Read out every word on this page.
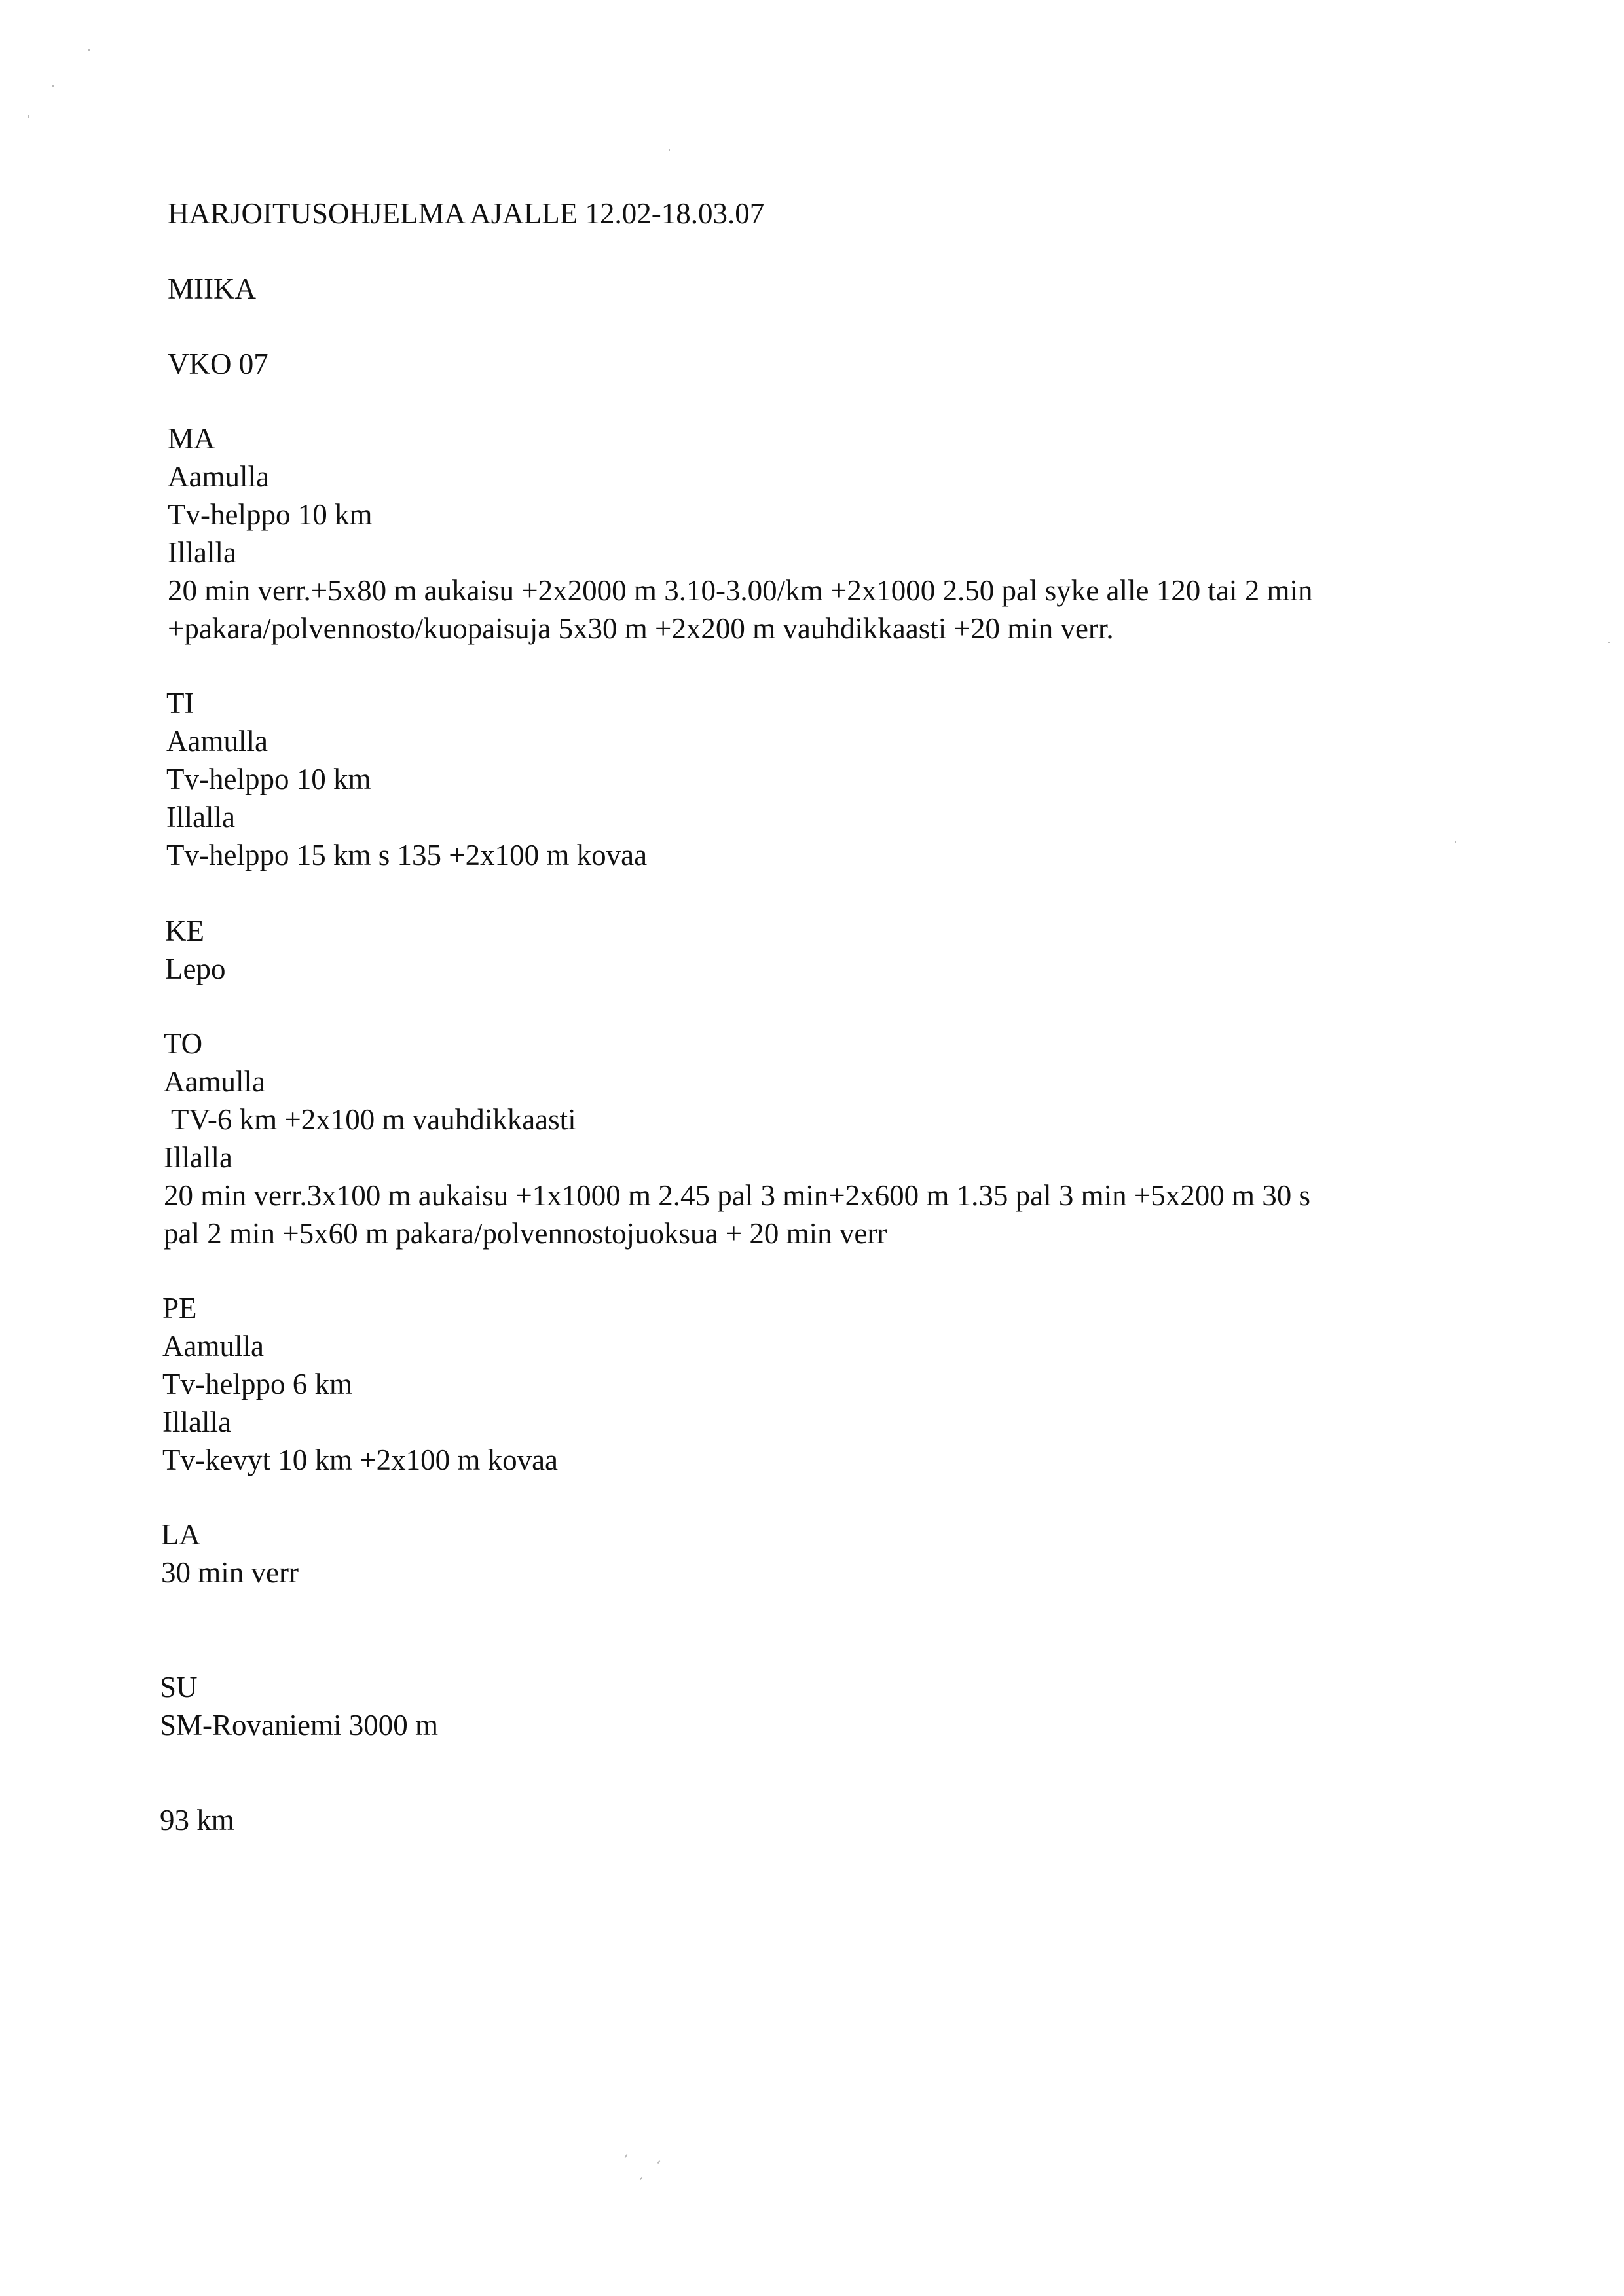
HARJOITUSOHJELMA AJALLE 12.02-18.03.07
MIIKA
VKO 07
MA
Aamulla
Tv-helppo 10 km
Illalla
20 min verr.+5x80 m aukaisu +2x2000 m 3.10-3.00/km +2x1000 2.50 pal syke alle 120 tai 2 min
+pakara/polvennosto/kuopaisuja 5x30 m +2x200 m vauhdikkaasti +20 min verr.
TI
Aamulla
Tv-helppo 10 km
Illalla
Tv-helppo 15 km s 135 +2x100 m kovaa
KE
Lepo
TO
Aamulla
TV-6 km +2x100 m vauhdikkaasti
Illalla
20 min verr.3x100 m aukaisu +1x1000 m 2.45 pal 3 min+2x600 m 1.35 pal 3 min +5x200 m 30 s
pal 2 min +5x60 m pakara/polvennostojuoksua + 20 min verr
PE
Aamulla
Tv-helppo 6 km
Illalla
Tv-kevyt 10 km +2x100 m kovaa
LA
30 min verr
SU
SM-Rovaniemi 3000 m
93 km
